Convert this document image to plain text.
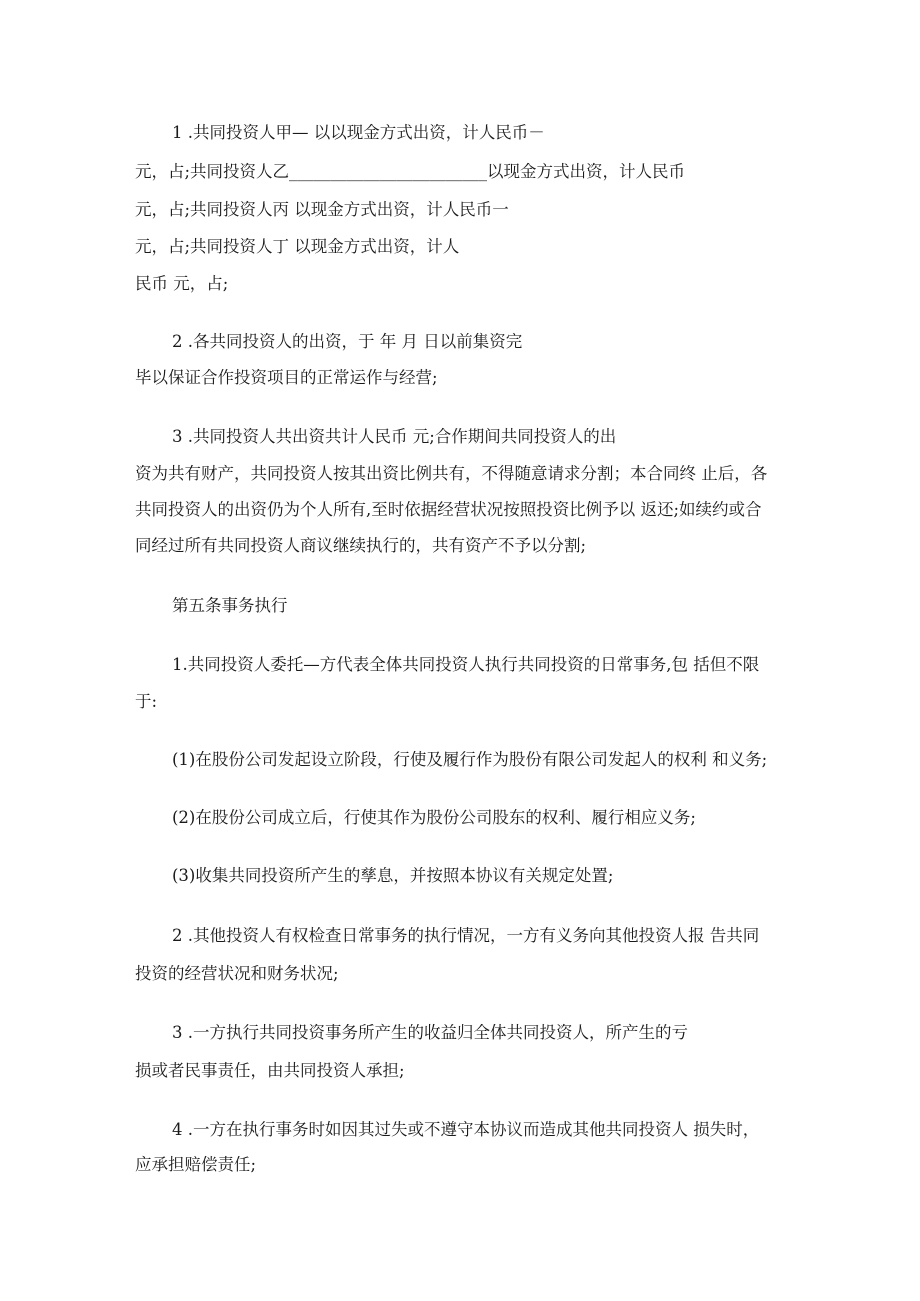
1 .共同投资人甲— 以以现金方式出资，计人民币－
元，占;共同投资人乙________________________以现金方式出资，计人民币
元，占;共同投资人丙 以现金方式出资，计人民币一
元，占;共同投资人丁 以现金方式出资，计人
民币 元，占;
2 .各共同投资人的出资，于 年 月 日以前集资完
毕以保证合作投资项目的正常运作与经营;
3 .共同投资人共出资共计人民币 元;合作期间共同投资人的出
资为共有财产，共同投资人按其出资比例共有，不得随意请求分割；本合同终 止后，各
共同投资人的出资仍为个人所有,至时依据经营状况按照投资比例予以 返还;如续约或合
同经过所有共同投资人商议继续执行的，共有资产不予以分割;
第五条事务执行
1.共同投资人委托—方代表全体共同投资人执行共同投资的日常事务,包 括但不限
于:
(1)在股份公司发起设立阶段，行使及履行作为股份有限公司发起人的权利 和义务;
(2)在股份公司成立后，行使其作为股份公司股东的权利、履行相应义务;
(3)收集共同投资所产生的孳息，并按照本协议有关规定处置;
2 .其他投资人有权检查日常事务的执行情况，一方有义务向其他投资人报 告共同
投资的经营状况和财务状况;
3 .一方执行共同投资事务所产生的收益归全体共同投资人，所产生的亏
损或者民事责任，由共同投资人承担;
4 .一方在执行事务时如因其过失或不遵守本协议而造成其他共同投资人 损失时，
应承担赔偿责任;
